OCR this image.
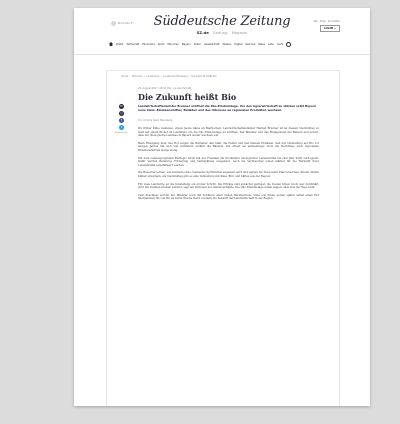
München 4°	Süddeutsche Zeitung
SZ.de Zeitung Magazin
Abo Shop Anmelden
LOGIN +
Politik Wirtschaft Panorama Sport München Bayern Kultur Gesellschaft Wissen Digital Karriere Reise Auto mehr
Home› München› Landkreise› Landkreis Ebersberg› Die Zukunft heißt Bio
✉
⎙
f
t
Kommentare
29. August 2017, 18:44 Uhr · Landwirtschaft
Die Zukunft heißt Bio

Landwirtschaftsminister Brunner eröffnet die Öko-Erlebnistage. Um den Agrarwirtschaft zu stärken setzt Bayern neue Ziele: Biolebensmittel, Bioläden und das Interesse an regionalen Produkten wachsen.

Von Victoria Seilz, Ebersberg

Wo früher Kühe weideten, sitzen heute Gäste an Biertischen: Landwirtschaftsminister Helmut Brunner ist an diesem Nachmittag zu Gast auf einem Biohof im Landkreis, um die Öko-Erlebnistage zu eröffnen. Der Minister lobt das Engagement der Bauern und betont, dass der ökologische Landbau in Bayern weiter wachsen soll.

Beim Rundgang über den Hof zeigen die Betreiber den Stall, die Felder und den kleinen Hofladen. Seit der Umstellung auf Bio vor einigen Jahren hat sich viel verändert, erzählt die Bäuerin. Die Arbeit sei aufwendiger, doch die Nachfrage nach regionalen Biolebensmitteln steige stetig.

Mit dem Landesprogramm BioRegio 2020 will der Freistaat die Produktion ökologischer Lebensmittel bis zum Jahr 2020 verdoppeln. Dafür werden Beratung, Förderung und Vermarktung ausgebaut. Auch die Verbraucher sollen stärker für die Herkunft ihrer Lebensmittel sensibilisiert werden.

Die Besucher lernen, wie Getreide ohne chemische Spritzmittel angebaut wird und warum die Tiere mehr Platz brauchen. Kinder dürfen Kälber streicheln, am Nachmittag gibt es eine Verkostung mit Käse, Brot und Säften aus der Region.

Für viele Landwirte ist die Umstellung ein großer Schritt. Die Erträge sind zunächst geringer, die Kosten höher. Doch wer durchhält, wird mit stabilen Preisen belohnt, sagt ein Vertreter der Anbauverbände. Die Öko-Erlebnistage sollen zeigen, dass sich der Weg lohnt.

Zum Abschluss spricht der Minister noch mit Schülern einer nahen Berufsschule. Viele von ihnen wollen später selbst einen Hof übernehmen. Bio sei für sie keine Nische mehr, sondern die Zukunft der Landwirtschaft in der Region.
